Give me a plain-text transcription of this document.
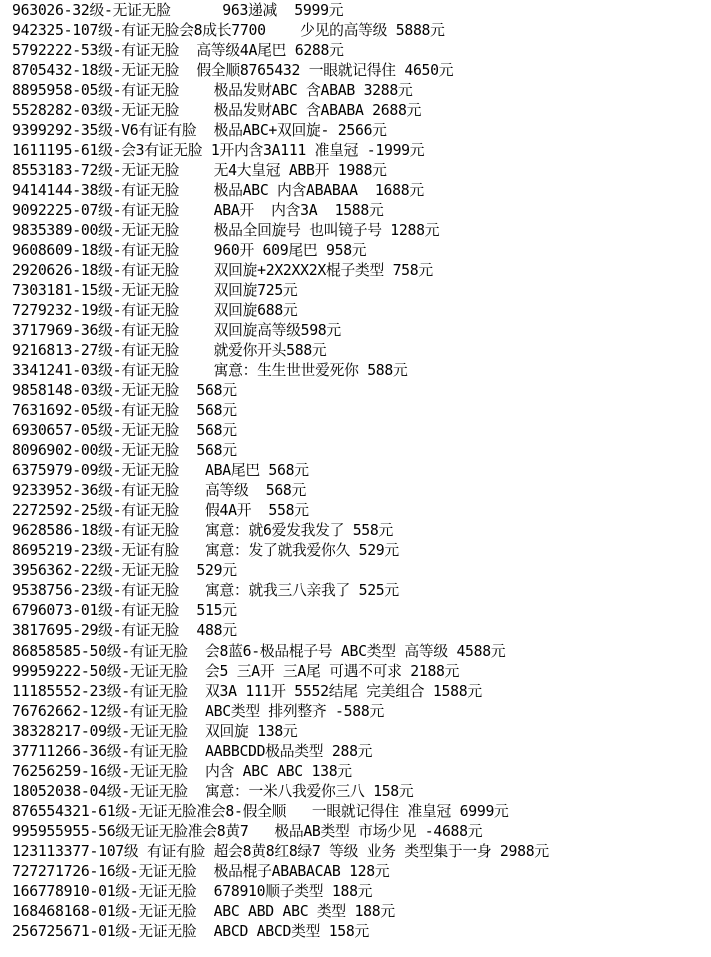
963026-32级-无证无脸      963递减  5999元
942325-107级-有证无脸会8成长7700    少见的高等级 5888元
5792222-53级-有证无脸  高等级4A尾巴 6288元
8705432-18级-无证无脸  假全顺8765432 一眼就记得住 4650元
8895958-05级-有证无脸    极品发财ABC 含ABAB 3288元
5528282-03级-无证无脸    极品发财ABC 含ABABA 2688元
9399292-35级-V6有证有脸  极品ABC+双回旋- 2566元
1611195-61级-会3有证无脸 1开内含3A111 准皇冠 -1999元
8553183-72级-无证无脸    无4大皇冠 ABB开 1988元
9414144-38级-有证无脸    极品ABC 内含ABABAA  1688元
9092225-07级-有证无脸    ABA开  内含3A  1588元
9835389-00级-无证无脸    极品全回旋号 也叫镜子号 1288元
9608609-18级-有证无脸    960开 609尾巴 958元
2920626-18级-有证无脸    双回旋+2X2XX2X棍子类型 758元
7303181-15级-无证无脸    双回旋725元
7279232-19级-有证无脸    双回旋688元
3717969-36级-有证无脸    双回旋高等级598元
9216813-27级-有证无脸    就爱你开头588元
3341241-03级-有证无脸    寓意：生生世世爱死你 588元
9858148-03级-无证无脸  568元
7631692-05级-有证无脸  568元
6930657-05级-无证无脸  568元
8096902-00级-无证无脸  568元
6375979-09级-无证无脸   ABA尾巴 568元
9233952-36级-有证无脸   高等级  568元
2272592-25级-有证无脸   假4A开  558元
9628586-18级-有证无脸   寓意：就6爱发我发了 558元
8695219-23级-无证有脸   寓意：发了就我爱你久 529元
3956362-22级-无证无脸  529元
9538756-23级-有证无脸   寓意：就我三八亲我了 525元
6796073-01级-有证无脸  515元
3817695-29级-有证无脸  488元
86858585-50级-有证无脸  会8蓝6-极品棍子号 ABC类型 高等级 4588元
99959222-50级-无证无脸  会5 三A开 三A尾 可遇不可求 2188元
11185552-23级-有证无脸  双3A 111开 5552结尾 完美组合 1588元
76762662-12级-有证无脸  ABC类型 排列整齐 -588元
38328217-09级-无证无脸  双回旋 138元
37711266-36级-有证无脸  AABBCDD极品类型 288元
76256259-16级-无证无脸  内含 ABC ABC 138元
18052038-04级-无证无脸  寓意：一米八我爱你三八 158元
876554321-61级-无证无脸准会8-假全顺   一眼就记得住 准皇冠 6999元
995955955-56级无证无脸准会8黄7   极品AB类型 市场少见 -4688元
123113377-107级 有证有脸 超会8黄8红8绿7 等级 业务 类型集于一身 2988元
727271726-16级-无证无脸  极品棍子ABABACAB 128元
166778910-01级-无证无脸  678910顺子类型 188元
168468168-01级-无证无脸  ABC ABD ABC 类型 188元
256725671-01级-无证无脸  ABCD ABCD类型 158元
